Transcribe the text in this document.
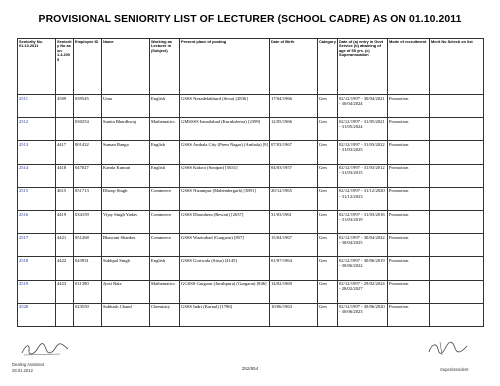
PROVISIONAL SENIORITY LIST OF LECTURER (SCHOOL CADRE) AS ON 01.10.2011
Seniority No. 01.10.2011	Seniorit y No as on 1.4.200 5	Employee ID	Name	Working as Lecturer in (Subject)	Present place of posting	Date of Birth	Category	Date of (a) entry in Govt Service (b) attaining of age of 55 yrs. (c) Superannuation	Mode of recruitment	Merit No Selecti on list
2511	4509	039545	Uma	English	GSSS Nezadelakhurd (Sirsa) [2836]	17/04/1966	Gen	02/12/1997 - 30/04/2021 - 30/04/2024	Promotion	
2512		030254	Sunita Bhardhwaj	Mathematics	GMSSSS Ismailabad (Kurukshetra) [2399]	12/05/1966	Gen	02/12/1997 - 31/05/2021 - 31/05/2024	Promotion	
2513	4417	001432	Suman Banga	English	GSSS Ambala City (Prem Nagar) (Ambala) [9]	07/03/1967	Gen	02/12/1997 - 31/03/2022 - 31/03/2025	Promotion	
2514	4418	047027	Kamla Kumari	English	GSSS Kakroi (Sonipat) [5631]	04/03/1957	Gen	02/12/1997 - 31/03/2012 - 31/03/2015	Promotion	
2515	4615	051713	Dhoop Singh	Commerce	GSSS Nizampur (Mahendergarh) [3891]	20/12/1965	Gen	02/12/1997 - 31/12/2020 - 31/12/2023	Promotion	
2516	4419	034159	Vijay Singh Yadav	Commerce	GSSS Dharuhera (Rewari) [2637]	31/03/1961	Gen	02/12/1997 - 31/03/2016 - 31/03/2019	Promotion	
2517	4421	051268	Bhawani Shanker	Commerce	GSSS Wazirabad (Gurgaon) [857]	15/04/1967	Gen	02/12/1997 - 30/04/2022 - 30/04/2025	Promotion	
2518	4422	043931	Sukhpal Singh	English	GSSS Goriwala (Sirsa) [4145]	01/07/1964	Gen	02/12/1997 - 30/06/2019 - 30/06/2022	Promotion	
2519	4423	011390	Jyoti Bala	Mathematics	GGSSS Gurgaon (Jacubpura) (Gurgaon) [846]	14/02/1969	Gen	02/12/1997 - 29/02/2024 - 28/02/2027	Promotion	
2520		023550	Subhash Chand	Chemistry	GSSS Indri (Karnal) [1786]	10/06/1963	Gen	02/12/1997 - 30/06/2020 - 30/06/2023	Promotion	
Dealing Assistant
28.01.2012	252/854	Superintendent
